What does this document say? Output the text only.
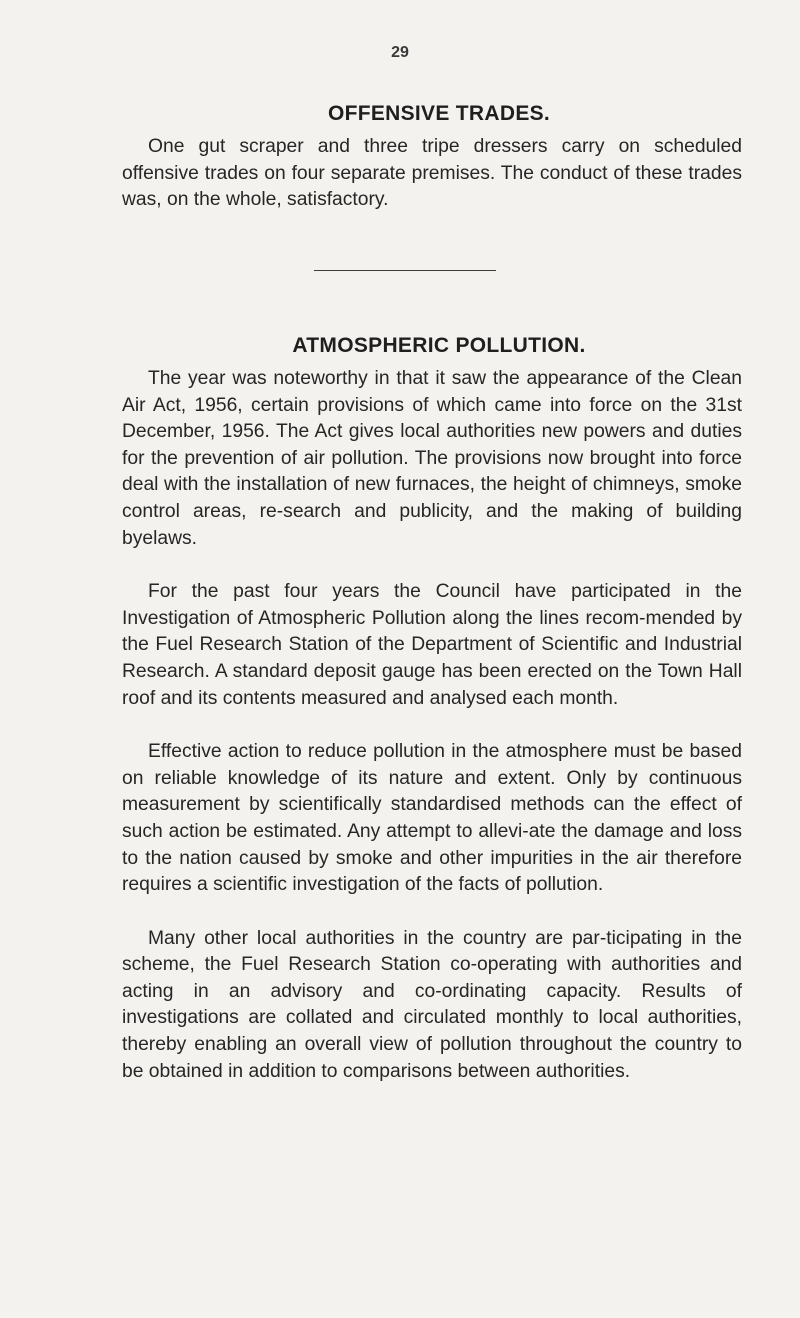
29
OFFENSIVE TRADES.

One gut scraper and three tripe dressers carry on scheduled offensive trades on four separate premises. The conduct of these trades was, on the whole, satisfactory.

ATMOSPHERIC POLLUTION.

The year was noteworthy in that it saw the appearance of the Clean Air Act, 1956, certain provisions of which came into force on the 31st December, 1956. The Act gives local authorities new powers and duties for the prevention of air pollution. The provisions now brought into force deal with the installation of new furnaces, the height of chimneys, smoke control areas, re-search and publicity, and the making of building byelaws.

For the past four years the Council have participated in the Investigation of Atmospheric Pollution along the lines recom-mended by the Fuel Research Station of the Department of Scientific and Industrial Research. A standard deposit gauge has been erected on the Town Hall roof and its contents measured and analysed each month.

Effective action to reduce pollution in the atmosphere must be based on reliable knowledge of its nature and extent. Only by continuous measurement by scientifically standardised methods can the effect of such action be estimated. Any attempt to allevi-ate the damage and loss to the nation caused by smoke and other impurities in the air therefore requires a scientific investigation of the facts of pollution.

Many other local authorities in the country are par-ticipating in the scheme, the Fuel Research Station co-operating with authorities and acting in an advisory and co-ordinating capacity. Results of investigations are collated and circulated monthly to local authorities, thereby enabling an overall view of pollution throughout the country to be obtained in addition to comparisons between authorities.
